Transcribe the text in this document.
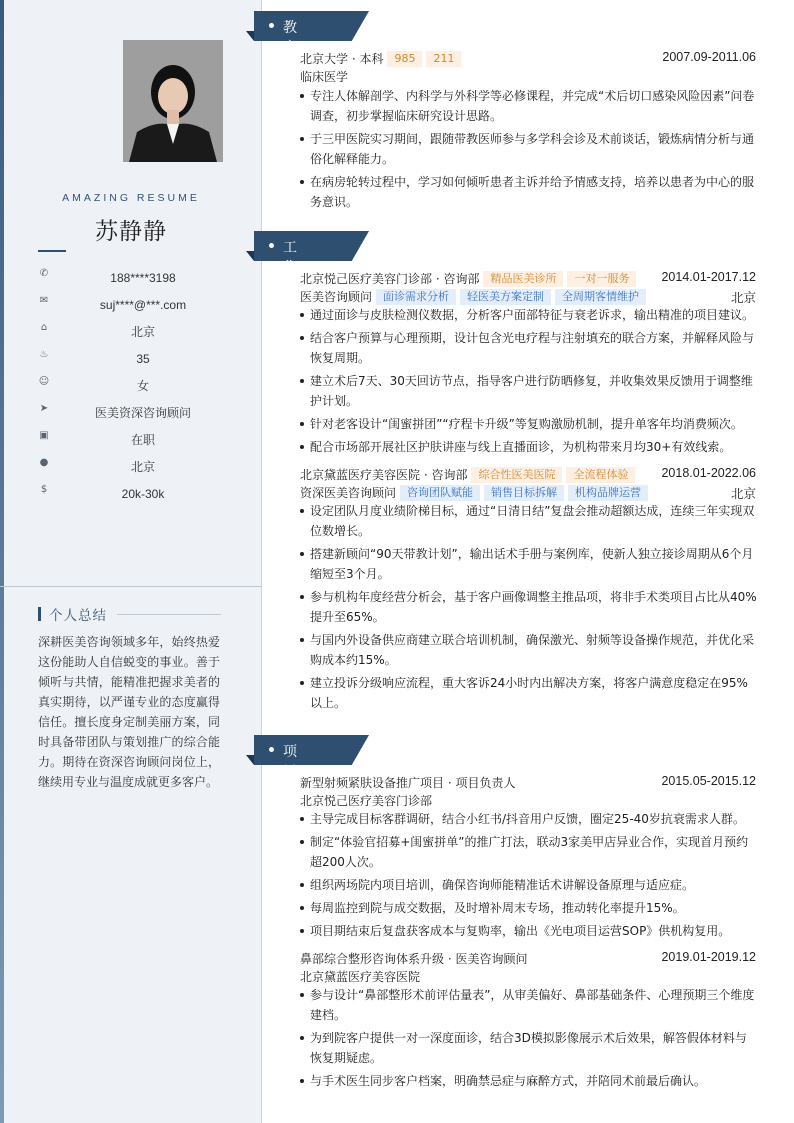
AMAZING RESUME
苏静静
✆	188****3198
✉	suj****@***.com
⌂	北京
♨	35
☺	女
➤	医美资深咨询顾问
▣	在职
●	北京
$	20k-30k
个人总结
深耕医美咨询领域多年，始终热爱这份能助人自信蜕变的事业。善于倾听与共情，能精准把握求美者的真实期待，以严谨专业的态度赢得信任。擅长度身定制美丽方案，同时具备带团队与策划推广的综合能力。期待在资深咨询顾问岗位上，继续用专业与温度成就更多客户。
教育经历
北京大学 · 本科	985	211	2007.09-2011.06
临床医学
专注人体解剖学、内科学与外科学等必修课程，并完成“术后切口感染风险因素”问卷调查，初步掌握临床研究设计思路。
于三甲医院实习期间，跟随带教医师参与多学科会诊及术前谈话，锻炼病情分析与通俗化解释能力。
在病房轮转过程中，学习如何倾听患者主诉并给予情感支持，培养以患者为中心的服务意识。
工作经历
北京悦己医疗美容门诊部 · 咨询部	精品医美诊所	一对一服务	2014.01-2017.12
医美咨询顾问	面诊需求分析	轻医美方案定制	全周期客情维护	北京
通过面诊与皮肤检测仪数据，分析客户面部特征与衰老诉求，输出精准的项目建议。
结合客户预算与心理预期，设计包含光电疗程与注射填充的联合方案，并解释风险与恢复周期。
建立术后7天、30天回访节点，指导客户进行防晒修复，并收集效果反馈用于调整维护计划。
针对老客设计“闺蜜拼团”“疗程卡升级”等复购激励机制，提升单客年均消费频次。
配合市场部开展社区护肤讲座与线上直播面诊，为机构带来月均30+有效线索。
北京黛蓝医疗美容医院 · 咨询部	综合性医美医院	全流程体验	2018.01-2022.06
资深医美咨询顾问	咨询团队赋能	销售目标拆解	机构品牌运营	北京
设定团队月度业绩阶梯目标，通过“日清日结”复盘会推动超额达成，连续三年实现双位数增长。
搭建新顾问“90天带教计划”，输出话术手册与案例库，使新人独立接诊周期从6个月缩短至3个月。
参与机构年度经营分析会，基于客户画像调整主推品项，将非手术类项目占比从40%提升至65%。
与国内外设备供应商建立联合培训机制，确保激光、射频等设备操作规范，并优化采购成本约15%。
建立投诉分级响应流程，重大客诉24小时内出解决方案，将客户满意度稳定在95%以上。
项目经历
新型射频紧肤设备推广项目 · 项目负责人	2015.05-2015.12
北京悦己医疗美容门诊部
主导完成目标客群调研，结合小红书/抖音用户反馈，圈定25-40岁抗衰需求人群。
制定“体验官招募+闺蜜拼单”的推广打法，联动3家美甲店异业合作，实现首月预约超200人次。
组织两场院内项目培训，确保咨询师能精准话术讲解设备原理与适应症。
每周监控到院与成交数据，及时增补周末专场，推动转化率提升15%。
项目期结束后复盘获客成本与复购率，输出《光电项目运营SOP》供机构复用。
鼻部综合整形咨询体系升级 · 医美咨询顾问	2019.01-2019.12
北京黛蓝医疗美容医院
参与设计“鼻部整形术前评估量表”，从审美偏好、鼻部基础条件、心理预期三个维度建档。
为到院客户提供一对一深度面诊，结合3D模拟影像展示术后效果，解答假体材料与恢复期疑虑。
与手术医生同步客户档案，明确禁忌症与麻醉方式，并陪同术前最后确认。
